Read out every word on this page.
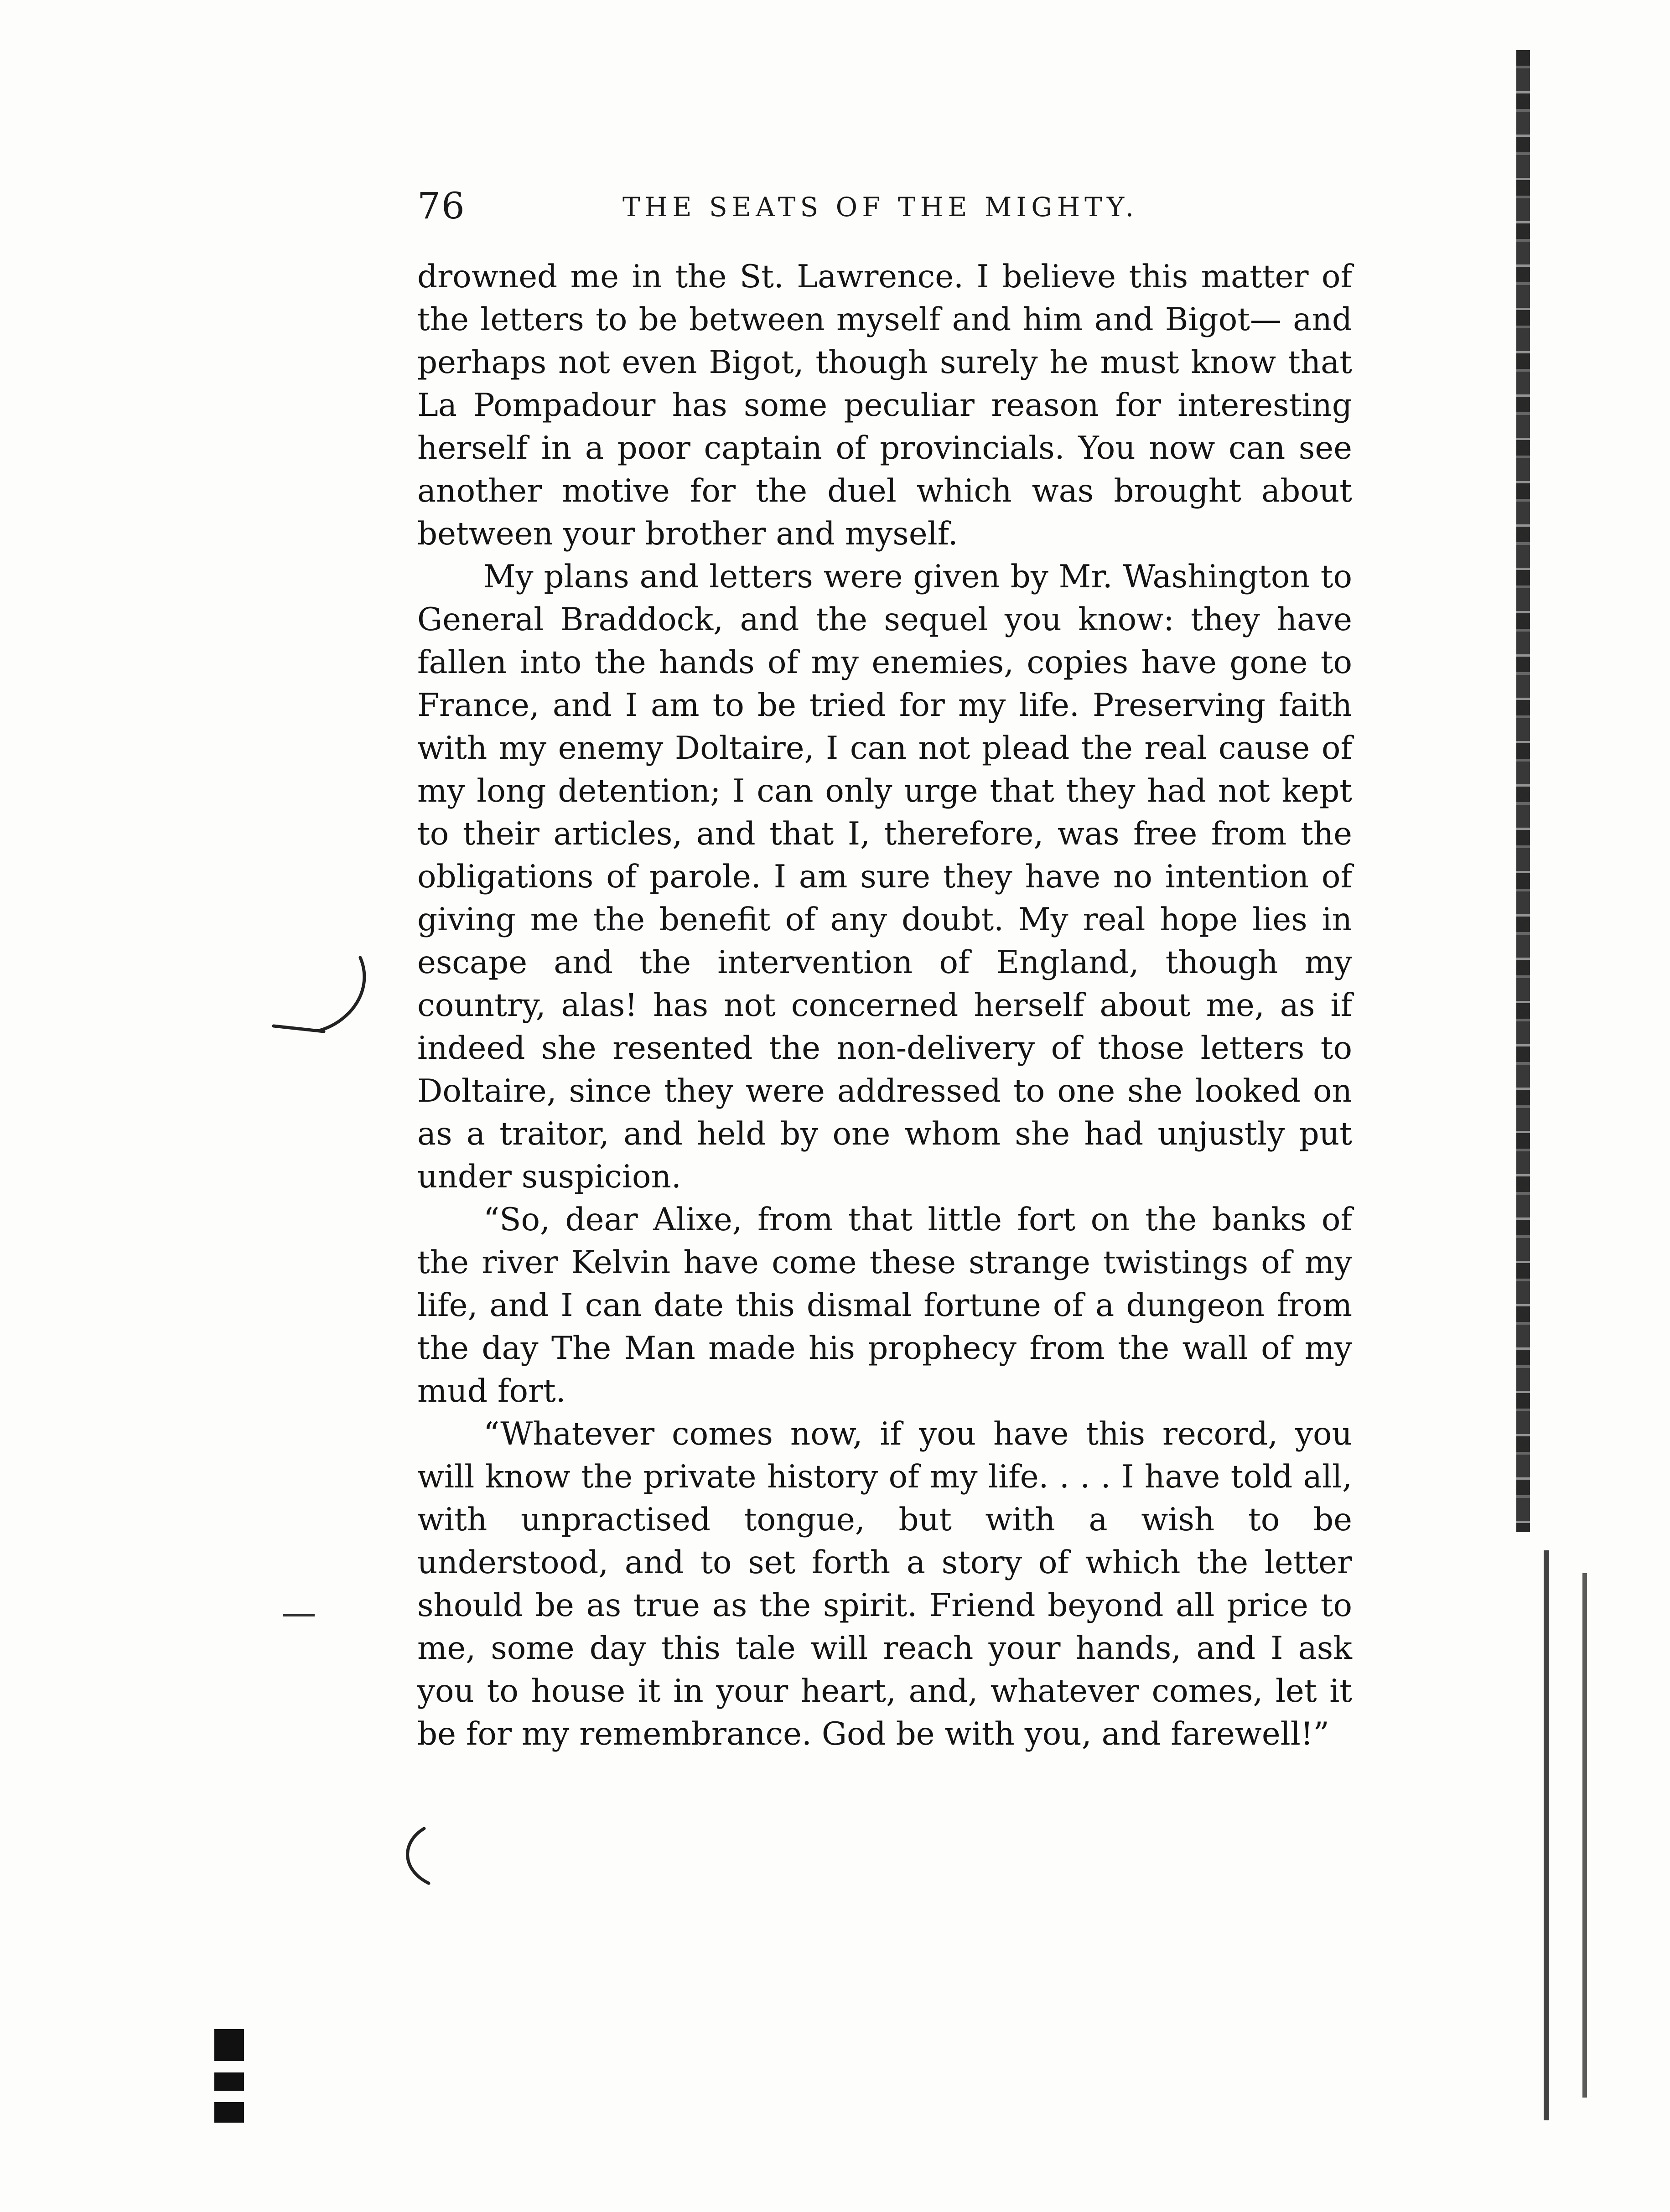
76	THE SEATS OF THE MIGHTY.

drowned me in the St. Lawrence. I believe this matter of the letters to be between myself and him and Bigot— and perhaps not even Bigot, though surely he must know that La Pompadour has some peculiar reason for interesting herself in a poor captain of provincials. You now can see another motive for the duel which was brought about between your brother and myself.

My plans and letters were given by Mr. Washington to General Braddock, and the sequel you know: they have fallen into the hands of my enemies, copies have gone to France, and I am to be tried for my life. Preserving faith with my enemy Doltaire, I can not plead the real cause of my long detention; I can only urge that they had not kept to their articles, and that I, therefore, was free from the obligations of parole. I am sure they have no intention of giving me the benefit of any doubt. My real hope lies in escape and the intervention of England, though my country, alas! has not concerned herself about me, as if indeed she resented the non-delivery of those letters to Doltaire, since they were addressed to one she looked on as a traitor, and held by one whom she had unjustly put under suspicion.

“So, dear Alixe, from that little fort on the banks of the river Kelvin have come these strange twistings of my life, and I can date this dismal fortune of a dungeon from the day The Man made his prophecy from the wall of my mud fort.

“Whatever comes now, if you have this record, you will know the private history of my life. . . . I have told all, with unpractised tongue, but with a wish to be understood, and to set forth a story of which the letter should be as true as the spirit. Friend beyond all price to me, some day this tale will reach your hands, and I ask you to house it in your heart, and, whatever comes, let it be for my remembrance. God be with you, and farewell!”
